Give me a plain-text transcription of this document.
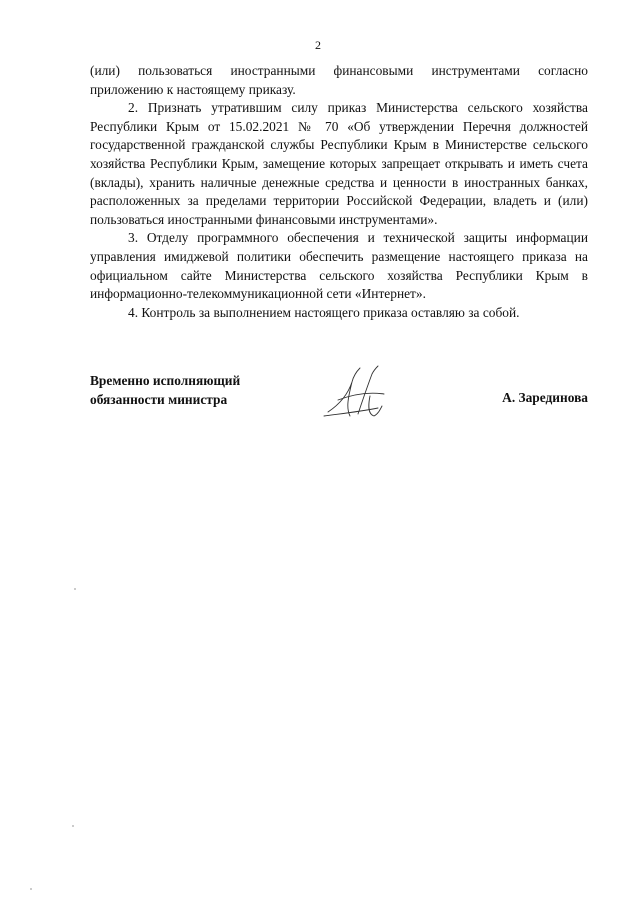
2

(или) пользоваться иностранными финансовыми инструментами согласно приложению к настоящему приказу.

2. Признать утратившим силу приказ Министерства сельского хозяйства Республики Крым от 15.02.2021 № 70 «Об утверждении Перечня должностей государственной гражданской службы Республики Крым в Министерстве сельского хозяйства Республики Крым, замещение которых запрещает открывать и иметь счета (вклады), хранить наличные денежные средства и ценности в иностранных банках, расположенных за пределами территории Российской Федерации, владеть и (или) пользоваться иностранными финансовыми инструментами».

3. Отделу программного обеспечения и технической защиты информации управления имиджевой политики обеспечить размещение настоящего приказа на официальном сайте Министерства сельского хозяйства Республики Крым в информационно-телекоммуникационной сети «Интернет».

4. Контроль за выполнением настоящего приказа оставляю за собой.

Временно исполняющий
обязанности министра	А. Зарединова
